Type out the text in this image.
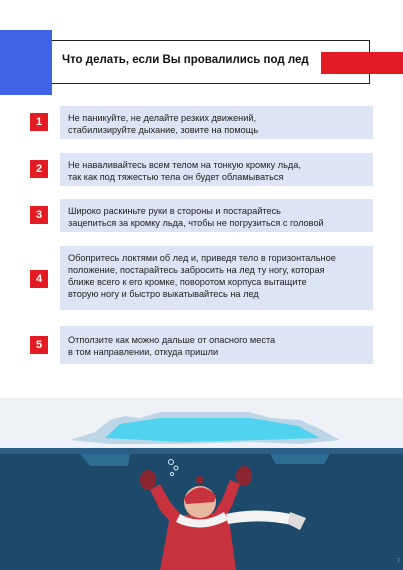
Что делать, если Вы провалились под лед
1	Не паникуйте, не делайте резких движений,
стабилизируйте дыхание, зовите на помощь
2	Не наваливайтесь всем телом на тонкую кромку льда,
так как под тяжестью тела он будет обламываться
3	Широко раскиньте руки в стороны и постарайтесь
зацепиться за кромку льда, чтобы не погрузиться с головой
4
Обопритесь локтями об лед и, приведя тело в горизонтальное
положение, постарайтесь забросить на лед ту ногу, которая
ближе всего к его кромке, поворотом корпуса вытащите
вторую ногу и быстро выкатывайтесь на лед
5	Отползите как можно дальше от опасного места
в том направлении, откуда пришли
2
